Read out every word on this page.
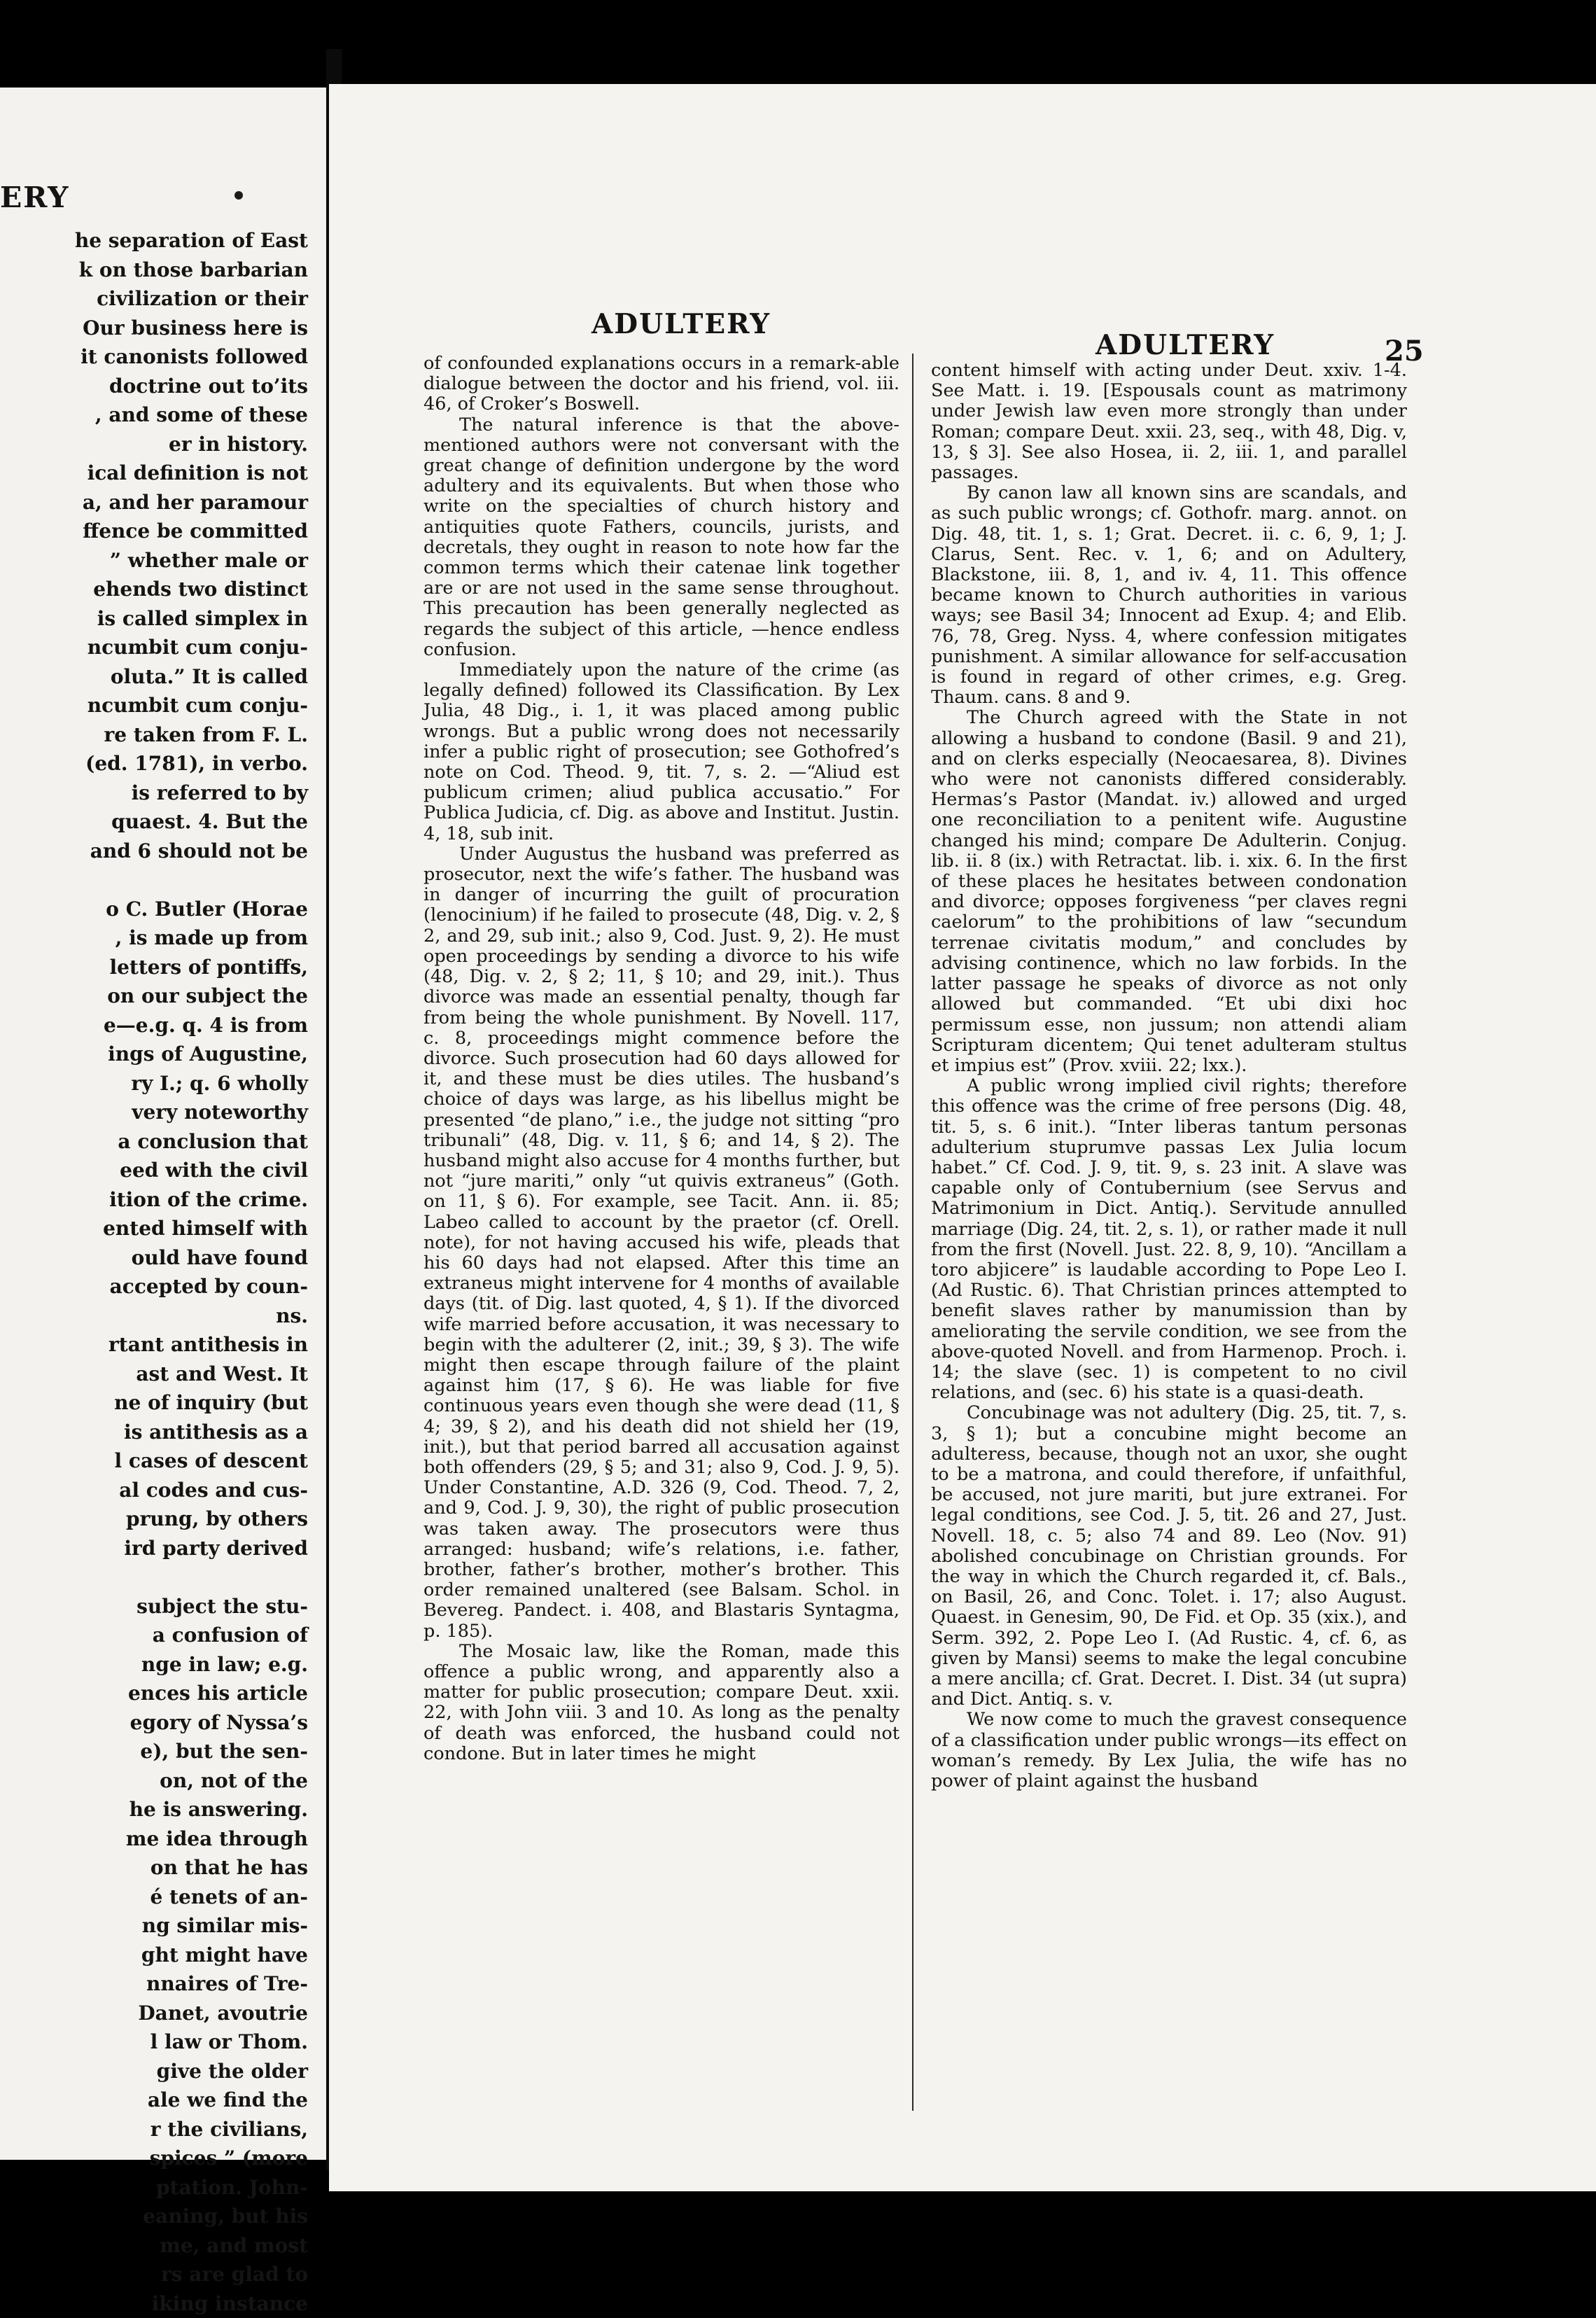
ERY
he separation of East
k on those barbarian
civilization or their
Our business here is
it canonists followed
doctrine out to’its
, and some of these
er in history.
ical definition is not
a, and her paramour
ffence be committed
” whether male or
ehends two distinct
is called simplex in
ncumbit cum conju-
oluta.” It is called
ncumbit cum conju-
re taken from F. L.
(ed. 1781), in verbo.
is referred to by
quaest. 4. But the
and 6 should not be

o C. Butler (Horae
, is made up from
letters of pontiffs,
on our subject the
e—e.g. q. 4 is from
ings of Augustine,
ry I.; q. 6 wholly
very noteworthy
a conclusion that
eed with the civil
ition of the crime.
ented himself with
ould have found
accepted by coun-
ns.
rtant antithesis in
ast and West. It
ne of inquiry (but
is antithesis as a
l cases of descent
al codes and cus-
prung, by others
ird party derived

subject the stu-
a confusion of
nge in law; e.g.
ences his article
egory of Nyssa’s
e), but the sen-
on, not of the
he is answering.
me idea through
on that he has
é tenets of an-
ng similar mis-
ght might have
nnaires of Tre-
Danet, avoutrie
l law or Thom.
give the older
ale we find the
r the civilians,
spices ” (more
ptation. John-
eaning, but his
me, and most
rs are glad to
iking instance
ADULTERY
ADULTERY	25

of confounded explanations occurs in a remark-able dialogue between the doctor and his friend, vol. iii. 46, of Croker’s Boswell.

The natural inference is that the above-mentioned authors were not conversant with the great change of definition undergone by the word adultery and its equivalents. But when those who write on the specialties of church history and antiquities quote Fathers, councils, jurists, and decretals, they ought in reason to note how far the common terms which their catenae link together are or are not used in the same sense throughout. This precaution has been generally neglected as regards the subject of this article, —hence endless confusion.

Immediately upon the nature of the crime (as legally defined) followed its Classification. By Lex Julia, 48 Dig., i. 1, it was placed among public wrongs. But a public wrong does not necessarily infer a public right of prosecution; see Gothofred’s note on Cod. Theod. 9, tit. 7, s. 2. —“Aliud est publicum crimen; aliud publica accusatio.” For Publica Judicia, cf. Dig. as above and Institut. Justin. 4, 18, sub init.

Under Augustus the husband was preferred as prosecutor, next the wife’s father. The husband was in danger of incurring the guilt of procuration (lenocinium) if he failed to prosecute (48, Dig. v. 2, § 2, and 29, sub init.; also 9, Cod. Just. 9, 2). He must open proceedings by sending a divorce to his wife (48, Dig. v. 2, § 2; 11, § 10; and 29, init.). Thus divorce was made an essential penalty, though far from being the whole punishment. By Novell. 117, c. 8, proceedings might commence before the divorce. Such prosecution had 60 days allowed for it, and these must be dies utiles. The husband’s choice of days was large, as his libellus might be presented “de plano,” i.e., the judge not sitting “pro tribunali” (48, Dig. v. 11, § 6; and 14, § 2). The husband might also accuse for 4 months further, but not “jure mariti,” only “ut quivis extraneus” (Goth. on 11, § 6). For example, see Tacit. Ann. ii. 85; Labeo called to account by the praetor (cf. Orell. note), for not having accused his wife, pleads that his 60 days had not elapsed. After this time an extraneus might intervene for 4 months of available days (tit. of Dig. last quoted, 4, § 1). If the divorced wife married before accusation, it was necessary to begin with the adulterer (2, init.; 39, § 3). The wife might then escape through failure of the plaint against him (17, § 6). He was liable for five continuous years even though she were dead (11, § 4; 39, § 2), and his death did not shield her (19, init.), but that period barred all accusation against both offenders (29, § 5; and 31; also 9, Cod. J. 9, 5). Under Constantine, A.D. 326 (9, Cod. Theod. 7, 2, and 9, Cod. J. 9, 30), the right of public prosecution was taken away. The prosecutors were thus arranged: husband; wife’s relations, i.e. father, brother, father’s brother, mother’s brother. This order remained unaltered (see Balsam. Schol. in Bevereg. Pandect. i. 408, and Blastaris Syntagma, p. 185).

The Mosaic law, like the Roman, made this offence a public wrong, and apparently also a matter for public prosecution; compare Deut. xxii. 22, with John viii. 3 and 10. As long as the penalty of death was enforced, the husband could not condone. But in later times he might

content himself with acting under Deut. xxiv. 1-4. See Matt. i. 19. [Espousals count as matrimony under Jewish law even more strongly than under Roman; compare Deut. xxii. 23, seq., with 48, Dig. v, 13, § 3]. See also Hosea, ii. 2, iii. 1, and parallel passages.

By canon law all known sins are scandals, and as such public wrongs; cf. Gothofr. marg. annot. on Dig. 48, tit. 1, s. 1; Grat. Decret. ii. c. 6, 9, 1; J. Clarus, Sent. Rec. v. 1, 6; and on Adultery, Blackstone, iii. 8, 1, and iv. 4, 11. This offence became known to Church authorities in various ways; see Basil 34; Innocent ad Exup. 4; and Elib. 76, 78, Greg. Nyss. 4, where confession mitigates punishment. A similar allowance for self-accusation is found in regard of other crimes, e.g. Greg. Thaum. cans. 8 and 9.

The Church agreed with the State in not allowing a husband to condone (Basil. 9 and 21), and on clerks especially (Neocaesarea, 8). Divines who were not canonists differed considerably. Hermas’s Pastor (Mandat. iv.) allowed and urged one reconciliation to a penitent wife. Augustine changed his mind; compare De Adulterin. Conjug. lib. ii. 8 (ix.) with Retractat. lib. i. xix. 6. In the first of these places he hesitates between condonation and divorce; opposes forgiveness “per claves regni caelorum” to the prohibitions of law “secundum terrenae civitatis modum,” and concludes by advising continence, which no law forbids. In the latter passage he speaks of divorce as not only allowed but commanded. “Et ubi dixi hoc permissum esse, non jussum; non attendi aliam Scripturam dicentem; Qui tenet adulteram stultus et impius est” (Prov. xviii. 22; lxx.).

A public wrong implied civil rights; therefore this offence was the crime of free persons (Dig. 48, tit. 5, s. 6 init.). “Inter liberas tantum personas adulterium stuprumve passas Lex Julia locum habet.” Cf. Cod. J. 9, tit. 9, s. 23 init. A slave was capable only of Contubernium (see Servus and Matrimonium in Dict. Antiq.). Servitude annulled marriage (Dig. 24, tit. 2, s. 1), or rather made it null from the first (Novell. Just. 22. 8, 9, 10). “Ancillam a toro abjicere” is laudable according to Pope Leo I. (Ad Rustic. 6). That Christian princes attempted to benefit slaves rather by manumission than by ameliorating the servile condition, we see from the above-quoted Novell. and from Harmenop. Proch. i. 14; the slave (sec. 1) is competent to no civil relations, and (sec. 6) his state is a quasi-death.

Concubinage was not adultery (Dig. 25, tit. 7, s. 3, § 1); but a concubine might become an adulteress, because, though not an uxor, she ought to be a matrona, and could therefore, if unfaithful, be accused, not jure mariti, but jure extranei. For legal conditions, see Cod. J. 5, tit. 26 and 27, Just. Novell. 18, c. 5; also 74 and 89. Leo (Nov. 91) abolished concubinage on Christian grounds. For the way in which the Church regarded it, cf. Bals., on Basil, 26, and Conc. Tolet. i. 17; also August. Quaest. in Genesim, 90, De Fid. et Op. 35 (xix.), and Serm. 392, 2. Pope Leo I. (Ad Rustic. 4, cf. 6, as given by Mansi) seems to make the legal concubine a mere ancilla; cf. Grat. Decret. I. Dist. 34 (ut supra) and Dict. Antiq. s. v.

We now come to much the gravest consequence of a classification under public wrongs—its effect on woman’s remedy. By Lex Julia, the wife has no power of plaint against the husband
